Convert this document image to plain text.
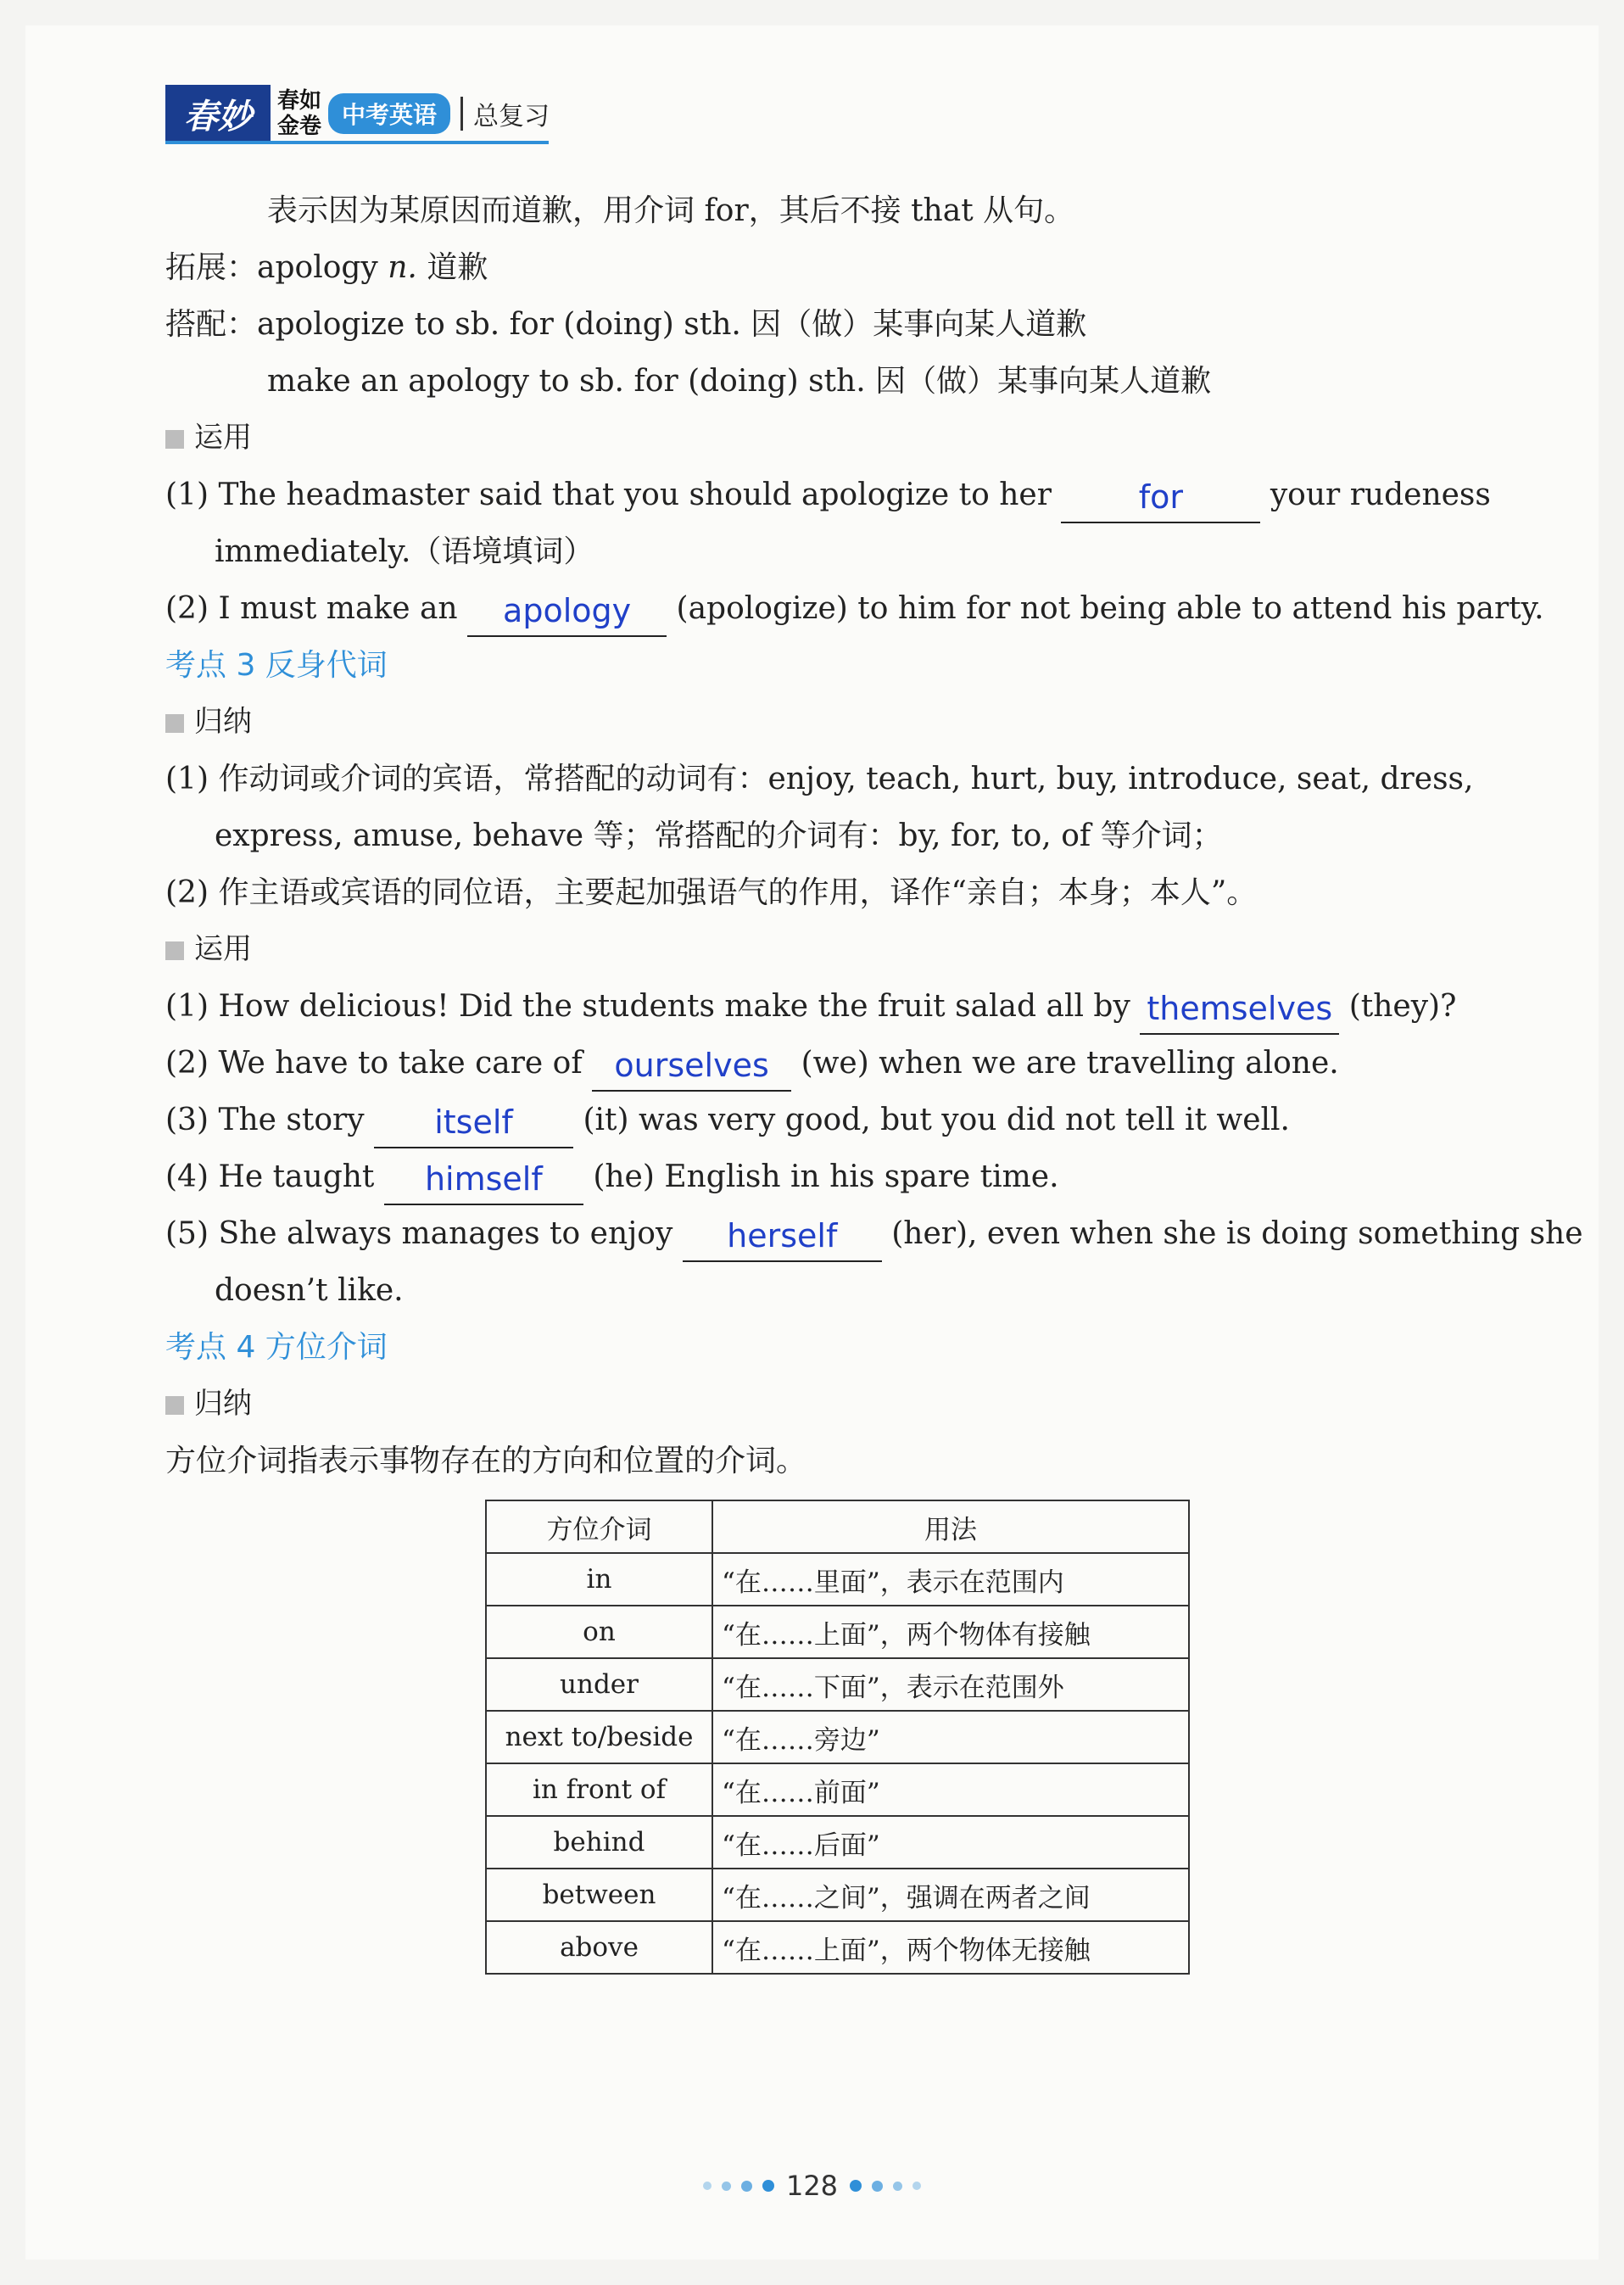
春妙	春如
金卷 中考英语	总复习
表示因为某原因而道歉，用介词 for，其后不接 that 从句。
拓展：apology n. 道歉
搭配：apologize to sb. for (doing) sth. 因（做）某事向某人道歉
make an apology to sb. for (doing) sth. 因（做）某事向某人道歉
运用
(1) The headmaster said that you should apologize to her	for	your rudeness
immediately.（语境填词）
(2) I must make an apology (apologize) to him for not being able to attend his party.
考点 3 反身代词
归纳
(1) 作动词或介词的宾语，常搭配的动词有：enjoy, teach, hurt, buy, introduce, seat, dress,
express, amuse, behave 等；常搭配的介词有：by, for, to, of 等介词；
(2) 作主语或宾语的同位语，主要起加强语气的作用，译作“亲自；本身；本人”。
运用
(1) How delicious! Did the students make the fruit salad all by themselves (they)?
(2) We have to take care of ourselves (we) when we are travelling alone.
(3) The story itself (it) was very good, but you did not tell it well.
(4) He taught himself (he) English in his spare time.
(5) She always manages to enjoy herself (her), even when she is doing something she
doesn’t like.
考点 4 方位介词
归纳
方位介词指表示事物存在的方向和位置的介词。
方位介词	用法
in	“在……里面”，表示在范围内
on	“在……上面”，两个物体有接触
under	“在……下面”，表示在范围外
next to/beside	“在……旁边”
in front of	“在……前面”
behind	“在……后面”
between	“在……之间”，强调在两者之间
above	“在……上面”，两个物体无接触
128
